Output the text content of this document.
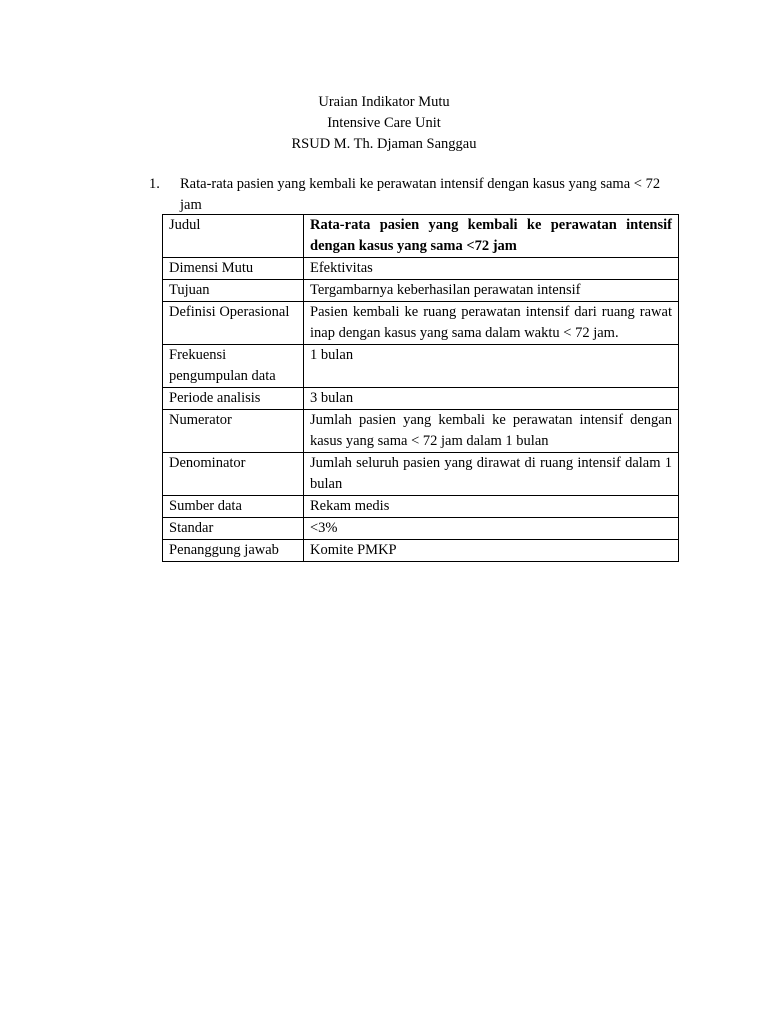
Uraian Indikator Mutu
Intensive Care Unit
RSUD M. Th. Djaman Sanggau
1. Rata-rata pasien yang kembali ke perawatan intensif dengan kasus yang sama < 72 jam
Judul	Rata-rata pasien yang kembali ke perawatan intensif dengan kasus yang sama <72 jam
Dimensi Mutu	Efektivitas
Tujuan	Tergambarnya keberhasilan perawatan intensif
Definisi Operasional	Pasien kembali ke ruang perawatan intensif dari ruang rawat inap dengan kasus yang sama dalam waktu < 72 jam.
Frekuensi pengumpulan data	1 bulan
Periode analisis	3 bulan
Numerator	Jumlah pasien yang kembali ke perawatan intensif dengan kasus yang sama < 72 jam dalam 1 bulan
Denominator	Jumlah seluruh pasien yang dirawat di ruang intensif dalam 1 bulan
Sumber data	Rekam medis
Standar	<3%
Penanggung jawab	Komite PMKP
